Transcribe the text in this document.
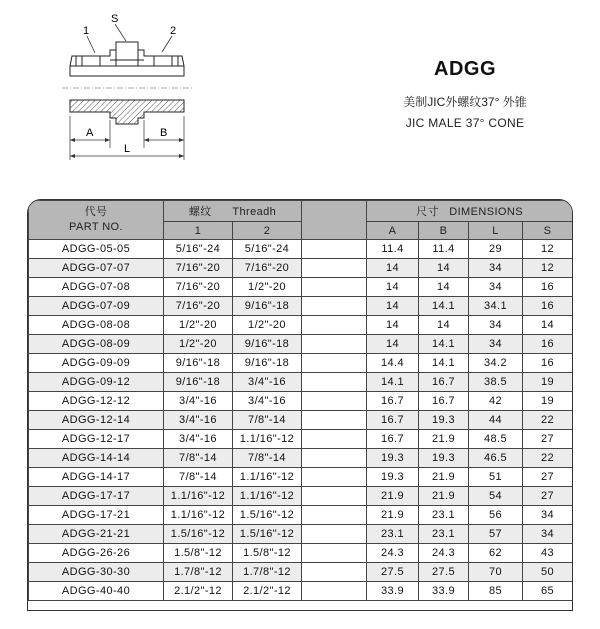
1
S
2
A	B
L
ADGG
美制JIC外螺纹37° 外锥
JIC MALE 37° CONE
代号
PART NO.	螺纹      Threadh			尺寸   DIMENSIONS			
	1	2		A	B	L	S
ADGG-05-05	5/16"-24	5/16"-24		11.4	11.4	29	12
ADGG-07-07	7/16"-20	7/16"-20		14	14	34	12
ADGG-07-08	7/16"-20	1/2"-20		14	14	34	16
ADGG-07-09	7/16"-20	9/16"-18		14	14.1	34.1	16
ADGG-08-08	1/2"-20	1/2"-20		14	14	34	14
ADGG-08-09	1/2"-20	9/16"-18		14	14.1	34	16
ADGG-09-09	9/16"-18	9/16"-18		14.4	14.1	34.2	16
ADGG-09-12	9/16"-18	3/4"-16		14.1	16.7	38.5	19
ADGG-12-12	3/4"-16	3/4"-16		16.7	16.7	42	19
ADGG-12-14	3/4"-16	7/8"-14		16.7	19.3	44	22
ADGG-12-17	3/4"-16	1.1/16"-12		16.7	21.9	48.5	27
ADGG-14-14	7/8"-14	7/8"-14		19.3	19.3	46.5	22
ADGG-14-17	7/8"-14	1.1/16"-12		19.3	21.9	51	27
ADGG-17-17	1.1/16"-12	1.1/16"-12		21.9	21.9	54	27
ADGG-17-21	1.1/16"-12	1.5/16"-12		21.9	23.1	56	34
ADGG-21-21	1.5/16"-12	1.5/16"-12		23.1	23.1	57	34
ADGG-26-26	1.5/8"-12	1.5/8"-12		24.3	24.3	62	43
ADGG-30-30	1.7/8"-12	1.7/8"-12		27.5	27.5	70	50
ADGG-40-40	2.1/2"-12	2.1/2"-12		33.9	33.9	85	65
